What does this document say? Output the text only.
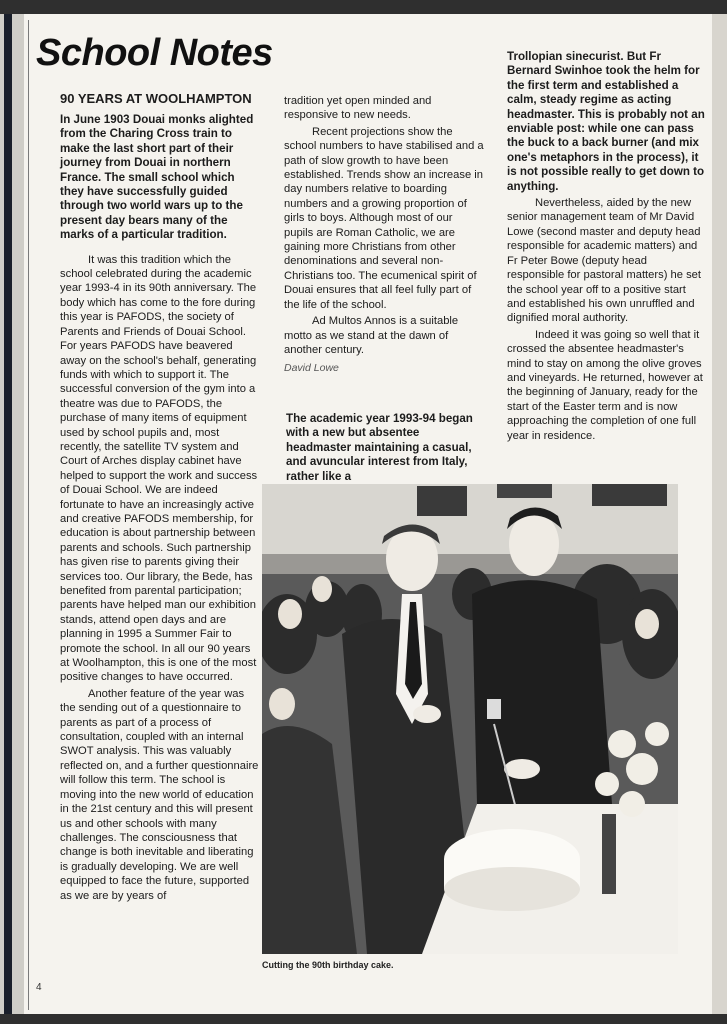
School Notes

90 YEARS AT WOOLHAMPTON

In June 1903 Douai monks alighted from the Charing Cross train to make the last short part of their journey from Douai in northern France. The small school which they have successfully guided through two world wars up to the present day bears many of the marks of a particular tradition.

It was this tradition which the school celebrated during the academic year 1993-4 in its 90th anniversary. The body which has come to the fore during this year is PAFODS, the society of Parents and Friends of Douai School. For years PAFODS have beavered away on the school's behalf, generating funds with which to support it. The successful conversion of the gym into a theatre was due to PAFODS, the purchase of many items of equipment used by school pupils and, most recently, the satellite TV system and Court of Arches display cabinet have helped to support the work and success of Douai School. We are indeed fortunate to have an increasingly active and creative PAFODS membership, for education is about partnership between parents and schools. Such partnership has given rise to parents giving their services too. Our library, the Bede, has benefited from parental participation; parents have helped man our exhibition stands, attend open days and are planning in 1995 a Summer Fair to promote the school. In all our 90 years at Woolhampton, this is one of the most positive changes to have occurred.

Another feature of the year was the sending out of a questionnaire to parents as part of a process of consultation, coupled with an internal SWOT analysis. This was valuably reflected on, and a further questionnaire will follow this term. The school is moving into the new world of education in the 21st century and this will present us and other schools with many challenges. The consciousness that change is both inevitable and liberating is gradually developing. We are well equipped to face the future, supported as we are by years of

tradition yet open minded and responsive to new needs.

Recent projections show the school numbers to have stabilised and a path of slow growth to have been established. Trends show an increase in day numbers relative to boarding numbers and a growing proportion of girls to boys. Although most of our pupils are Roman Catholic, we are gaining more Christians from other denominations and several non-Christians too. The ecumenical spirit of Douai ensures that all feel fully part of the life of the school.

Ad Multos Annos is a suitable motto as we stand at the dawn of another century.

David Lowe

The academic year 1993-94 began with a new but absentee headmaster maintaining a casual, and avuncular interest from Italy, rather like a

Trollopian sinecurist. But Fr Bernard Swinhoe took the helm for the first term and established a calm, steady regime as acting headmaster. This is probably not an enviable post: while one can pass the buck to a back burner (and mix one's metaphors in the process), it is not possible really to get down to anything.

Nevertheless, aided by the new senior management team of Mr David Lowe (second master and deputy head responsible for academic matters) and Fr Peter Bowe (deputy head responsible for pastoral matters) he set the school year off to a positive start and established his own unruffled and dignified moral authority.

Indeed it was going so well that it crossed the absentee headmaster's mind to stay on among the olive groves and vineyards. He returned, however at the beginning of January, ready for the start of the Easter term and is now approaching the completion of one full year in residence.

Cutting the 90th birthday cake.
4
